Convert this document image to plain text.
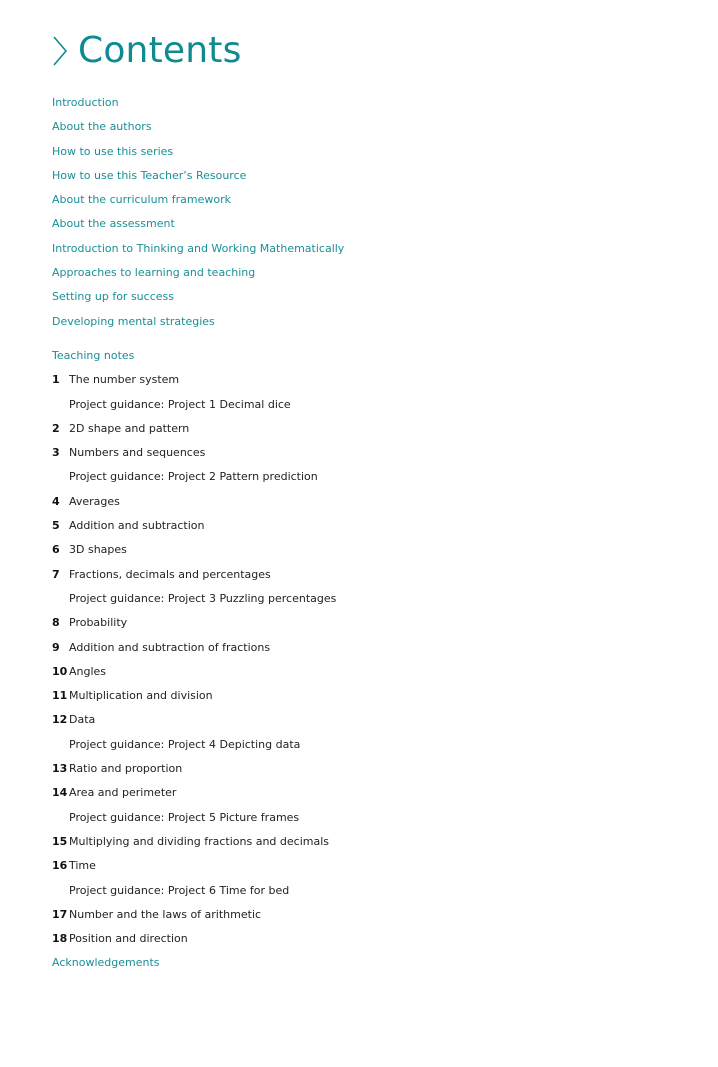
Contents
Introduction
About the authors
How to use this series
How to use this Teacher’s Resource
About the curriculum framework
About the assessment
Introduction to Thinking and Working Mathematically
Approaches to learning and teaching
Setting up for success
Developing mental strategies
Teaching notes
1 The number system
Project guidance: Project 1 Decimal dice
2 2D shape and pattern
3 Numbers and sequences
Project guidance: Project 2 Pattern prediction
4 Averages
5 Addition and subtraction
6 3D shapes
7 Fractions, decimals and percentages
Project guidance: Project 3 Puzzling percentages
8 Probability
9 Addition and subtraction of fractions
10 Angles
11 Multiplication and division
12 Data
Project guidance: Project 4 Depicting data
13 Ratio and proportion
14 Area and perimeter
Project guidance: Project 5 Picture frames
15 Multiplying and dividing fractions and decimals
16 Time
Project guidance: Project 6 Time for bed
17 Number and the laws of arithmetic
18 Position and direction
Acknowledgements
